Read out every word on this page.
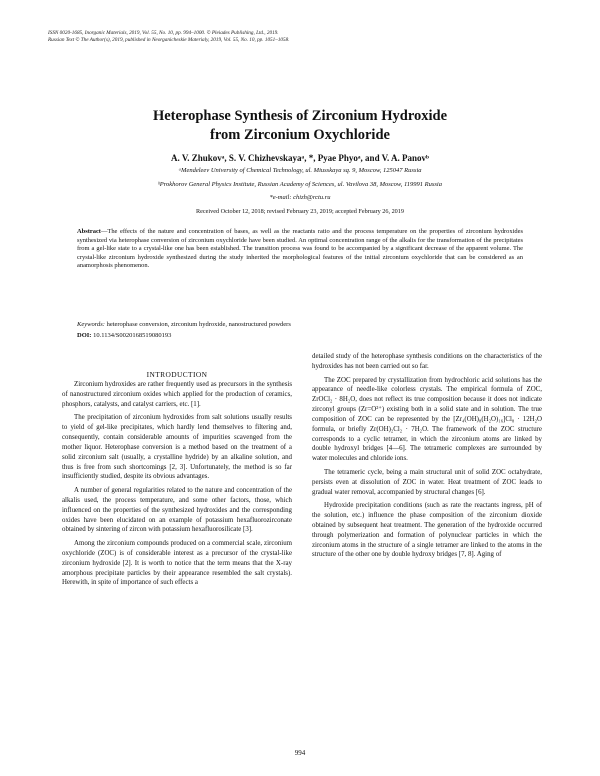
ISSN 0020-1685, Inorganic Materials, 2019, Vol. 55, No. 10, pp. 994–1000. © Pleiades Publishing, Ltd., 2019.
Russian Text © The Author(s), 2019, published in Neorganicheskie Materialy, 2019, Vol. 55, No. 10, pp. 1051–1058.
Heterophase Synthesis of Zirconium Hydroxide
from Zirconium Oxychloride
A. V. Zhukovᵃ, S. V. Chizhevskayaᵃ, *, Pyae Phyoᵃ, and V. A. Panovᵇ
ᵃMendeleev University of Chemical Technology, ul. Miusskaya sq. 9, Moscow, 125047 Russia
ᵇProkhorov General Physics Institute, Russian Academy of Sciences, ul. Vavilova 38, Moscow, 119991 Russia
*e-mail: chizh@rctu.ru
Received October 12, 2018; revised February 23, 2019; accepted February 26, 2019

Abstract—The effects of the nature and concentration of bases, as well as the reactants ratio and the process temperature on the properties of zirconium hydroxides synthesized via heterophase conversion of zirconium oxychloride have been studied. An optimal concentration range of the alkalis for the transformation of the precipitates from a gel-like state to a crystal-like one has been established. The transition process was found to be accompanied by a significant decrease of the apparent volume. The crystal-like zirconium hydroxide synthesized during the study inherited the morphological features of the initial zirconium oxychloride that can be considered as an anamorphosis phenomenon.

Keywords: heterophase conversion, zirconium hydroxide, nanostructured powders

DOI: 10.1134/S0020168519080193

INTRODUCTION

Zirconium hydroxides are rather frequently used as precursors in the synthesis of nanostructured zirconium oxides which applied for the production of ceramics, phosphors, catalysts, and catalyst carriers, etc. [1].

The precipitation of zirconium hydroxides from salt solutions usually results to yield of gel-like precipitates, which hardly lend themselves to filtering and, consequently, contain considerable amounts of impurities scavenged from the mother liquor. Heterophase conversion is a method based on the treatment of a solid zirconium salt (usually, a crystalline hydride) by an alkaline solution, and thus is free from such shortcomings [2, 3]. Unfortunately, the method is so far insufficiently studied, despite its obvious advantages.

A number of general regularities related to the nature and concentration of the alkalis used, the process temperature, and some other factors, those, which influenced on the properties of the synthesized hydroxides and the corresponding oxides have been elucidated on an example of potassium hexafluorozirconate obtained by sintering of zircon with potassium hexafluorosilicate [3].

Among the zirconium compounds produced on a commercial scale, zirconium oxychloride (ZOC) is of considerable interest as a precursor of the crystal-like zirconium hydroxide [2]. It is worth to notice that the term means that the X-ray amorphous precipitate particles by their appearance resembled the salt crystals). Herewith, in spite of importance of such effects a

detailed study of the heterophase synthesis conditions on the characteristics of the hydroxides has not been carried out so far.

The ZOC prepared by crystallization from hydrochloric acid solutions has the appearance of needle-like colorless crystals. The empirical formula of ZOC, ZrOCl₂ · 8H₂O, does not reflect its true composition because it does not indicate zirconyl groups (Zr=O²⁺) existing both in a solid state and in solution. The true composition of ZOC can be represented by the [Zr₄(OH)₈(H₂O)₁₆]Cl₈ · 12H₂O formula, or briefly Zr(OH)₂Cl₂ · 7H₂O. The framework of the ZOC structure corresponds to a cyclic tetramer, in which the zirconium atoms are linked by double hydroxyl bridges [4—6]. The tetrameric complexes are surrounded by water molecules and chloride ions.

The tetrameric cycle, being a main structural unit of solid ZOC octahydrate, persists even at dissolution of ZOC in water. Heat treatment of ZOC leads to gradual water removal, accompanied by structural changes [6].

Hydroxide precipitation conditions (such as rate the reactants ingress, pH of the solution, etc.) influence the phase composition of the zirconium dioxide obtained by subsequent heat treatment. The generation of the hydroxide occurred through polymerization and formation of polynuclear particles in which the zirconium atoms in the structure of a single tetramer are linked to the atoms in the structure of the other one by double hydroxy bridges [7, 8]. Aging of

994
